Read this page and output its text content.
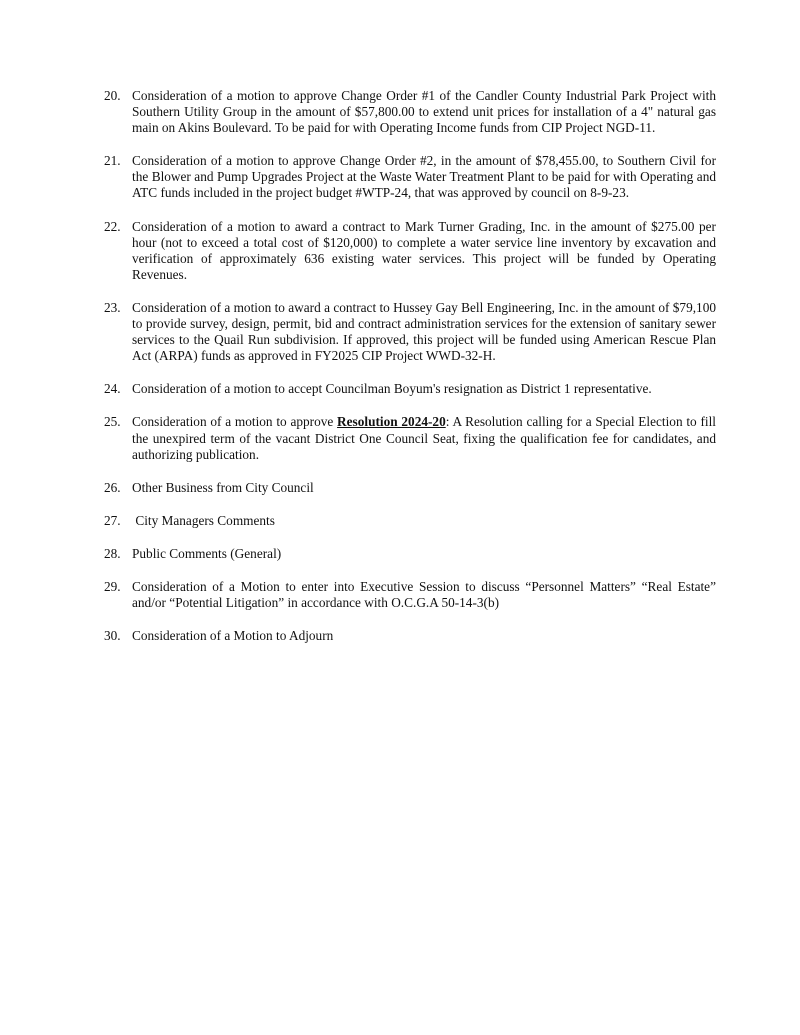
20. Consideration of a motion to approve Change Order #1 of the Candler County Industrial Park Project with Southern Utility Group in the amount of $57,800.00 to extend unit prices for installation of a 4" natural gas main on Akins Boulevard. To be paid for with Operating Income funds from CIP Project NGD-11.
21. Consideration of a motion to approve Change Order #2, in the amount of $78,455.00, to Southern Civil for the Blower and Pump Upgrades Project at the Waste Water Treatment Plant to be paid for with Operating and ATC funds included in the project budget #WTP-24, that was approved by council on 8-9-23.
22. Consideration of a motion to award a contract to Mark Turner Grading, Inc. in the amount of $275.00 per hour (not to exceed a total cost of $120,000) to complete a water service line inventory by excavation and verification of approximately 636 existing water services. This project will be funded by Operating Revenues.
23. Consideration of a motion to award a contract to Hussey Gay Bell Engineering, Inc. in the amount of $79,100 to provide survey, design, permit, bid and contract administration services for the extension of sanitary sewer services to the Quail Run subdivision. If approved, this project will be funded using American Rescue Plan Act (ARPA) funds as approved in FY2025 CIP Project WWD-32-H.
24. Consideration of a motion to accept Councilman Boyum's resignation as District 1 representative.
25. Consideration of a motion to approve Resolution 2024-20: A Resolution calling for a Special Election to fill the unexpired term of the vacant District One Council Seat, fixing the qualification fee for candidates, and authorizing publication.
26. Other Business from City Council
27. City Managers Comments
28. Public Comments (General)
29. Consideration of a Motion to enter into Executive Session to discuss “Personnel Matters” “Real Estate” and/or “Potential Litigation” in accordance with O.C.G.A 50-14-3(b)
30. Consideration of a Motion to Adjourn
